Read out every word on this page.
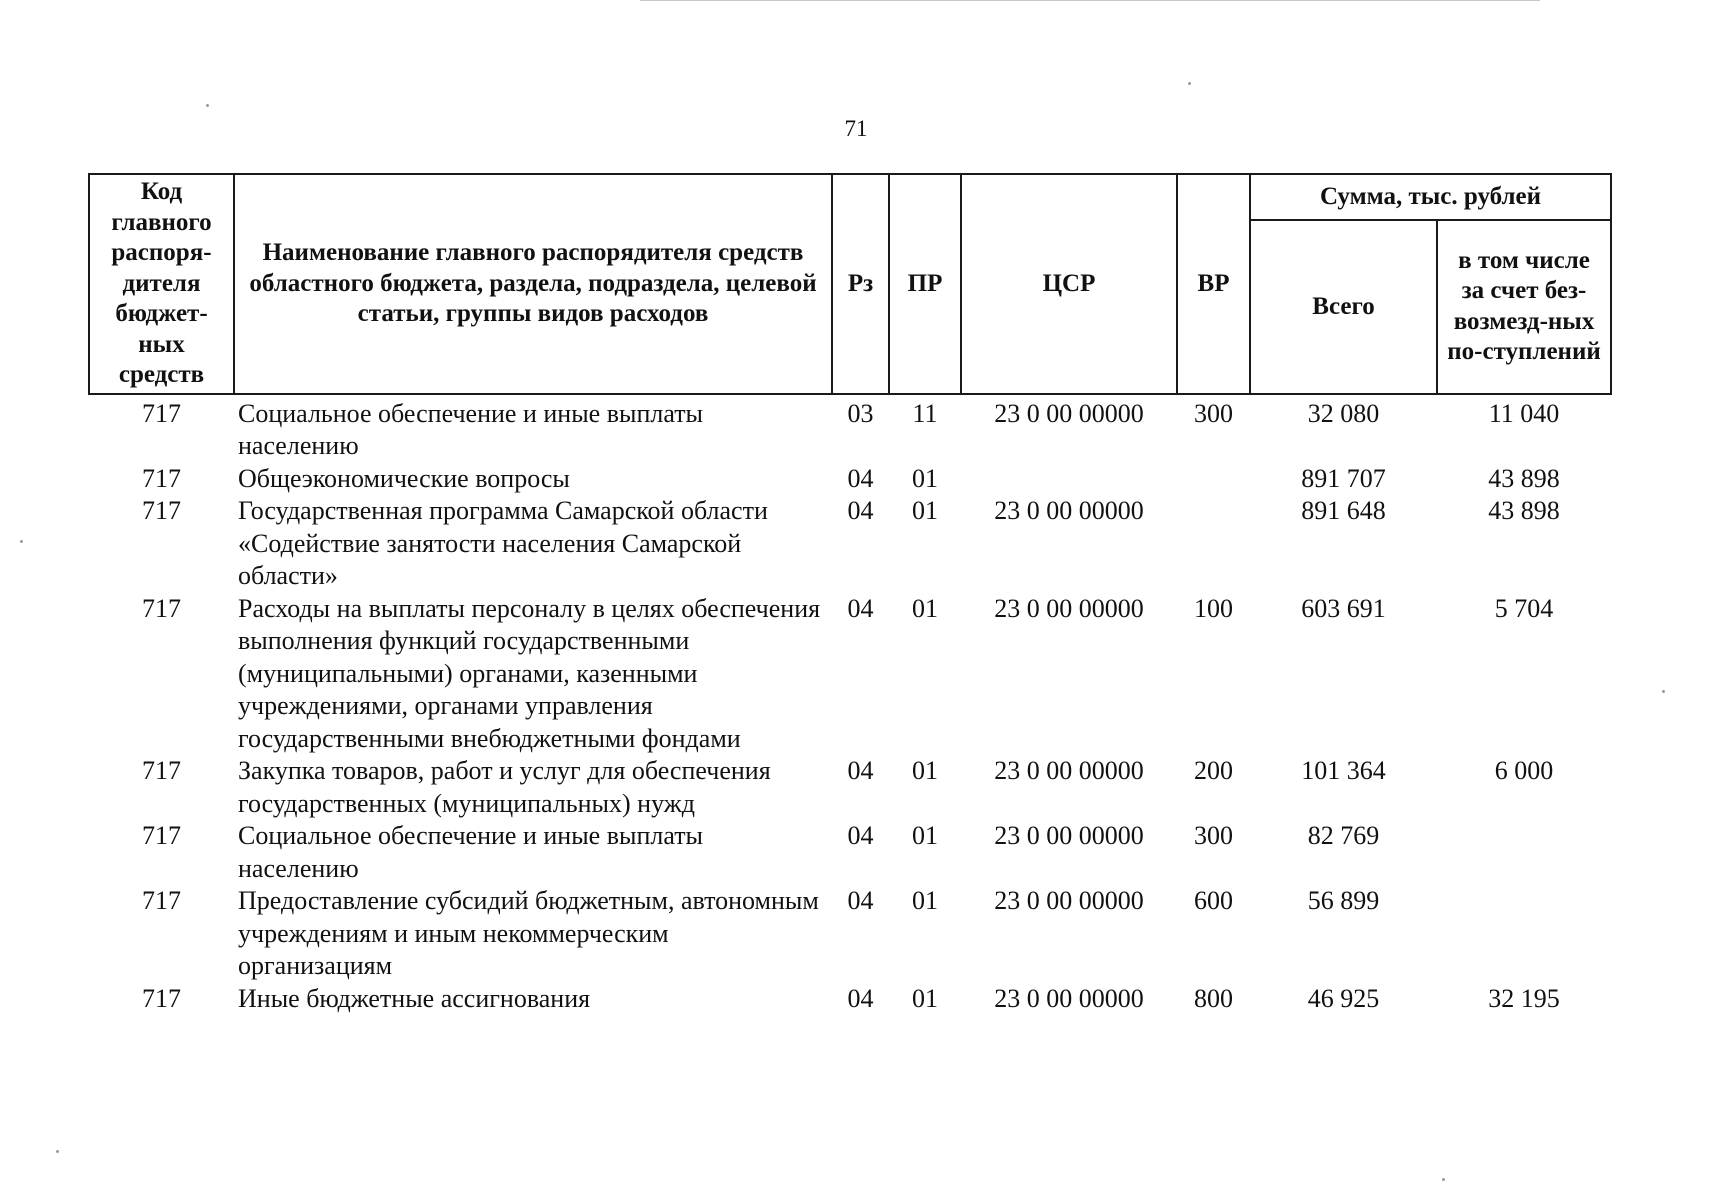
71
Код главного распоря-дителя бюджет-ных средств	Наименование главного распорядителя средств областного бюджета, раздела, подраздела, целевой статьи, группы видов расходов	Рз	ПР	ЦСР	ВР	Сумма, тыс. рублей	
						Всего	в том числе за счет без-возмезд-ных по-ступлений
717	Социальное обеспечение и иные выплаты населению	03	11	23 0 00 00000	300	32 080	11 040
717	Общеэкономические вопросы	04	01			891 707	43 898
717	Государственная программа Самарской области «Содействие занятости населения Самарской области»	04	01	23 0 00 00000		891 648	43 898
717	Расходы на выплаты персоналу в целях обеспечения выполнения функций государственными (муниципальными) органами, казенными учреждениями, органами управления государственными внебюджетными фондами	04	01	23 0 00 00000	100	603 691	5 704
717	Закупка товаров, работ и услуг для обеспечения государственных (муниципальных) нужд	04	01	23 0 00 00000	200	101 364	6 000
717	Социальное обеспечение и иные выплаты населению	04	01	23 0 00 00000	300	82 769	
717	Предоставление субсидий бюджетным, автономным учреждениям и иным некоммерческим организациям	04	01	23 0 00 00000	600	56 899	
717	Иные бюджетные ассигнования	04	01	23 0 00 00000	800	46 925	32 195
